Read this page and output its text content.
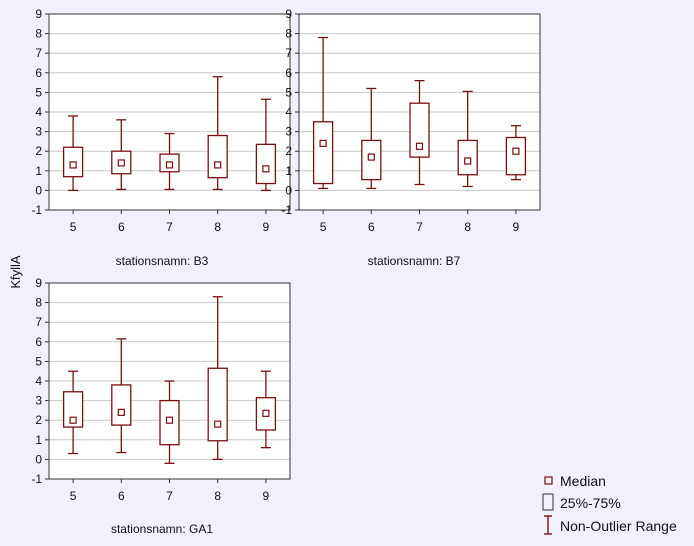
KfyllA
-1
0
1
2
3
4
5
6
7
8
9
5	6	7	8	9
stationsnamn: B3
-1
0
1
2
3
4
5
6
7
8
9
5	6	7	8	9
stationsnamn: B7
-1
0
1
2
3
4
5
6
7
8
9
5	6	7	8	9
stationsnamn: GA1
Median
25%-75%
Non-Outlier Range
